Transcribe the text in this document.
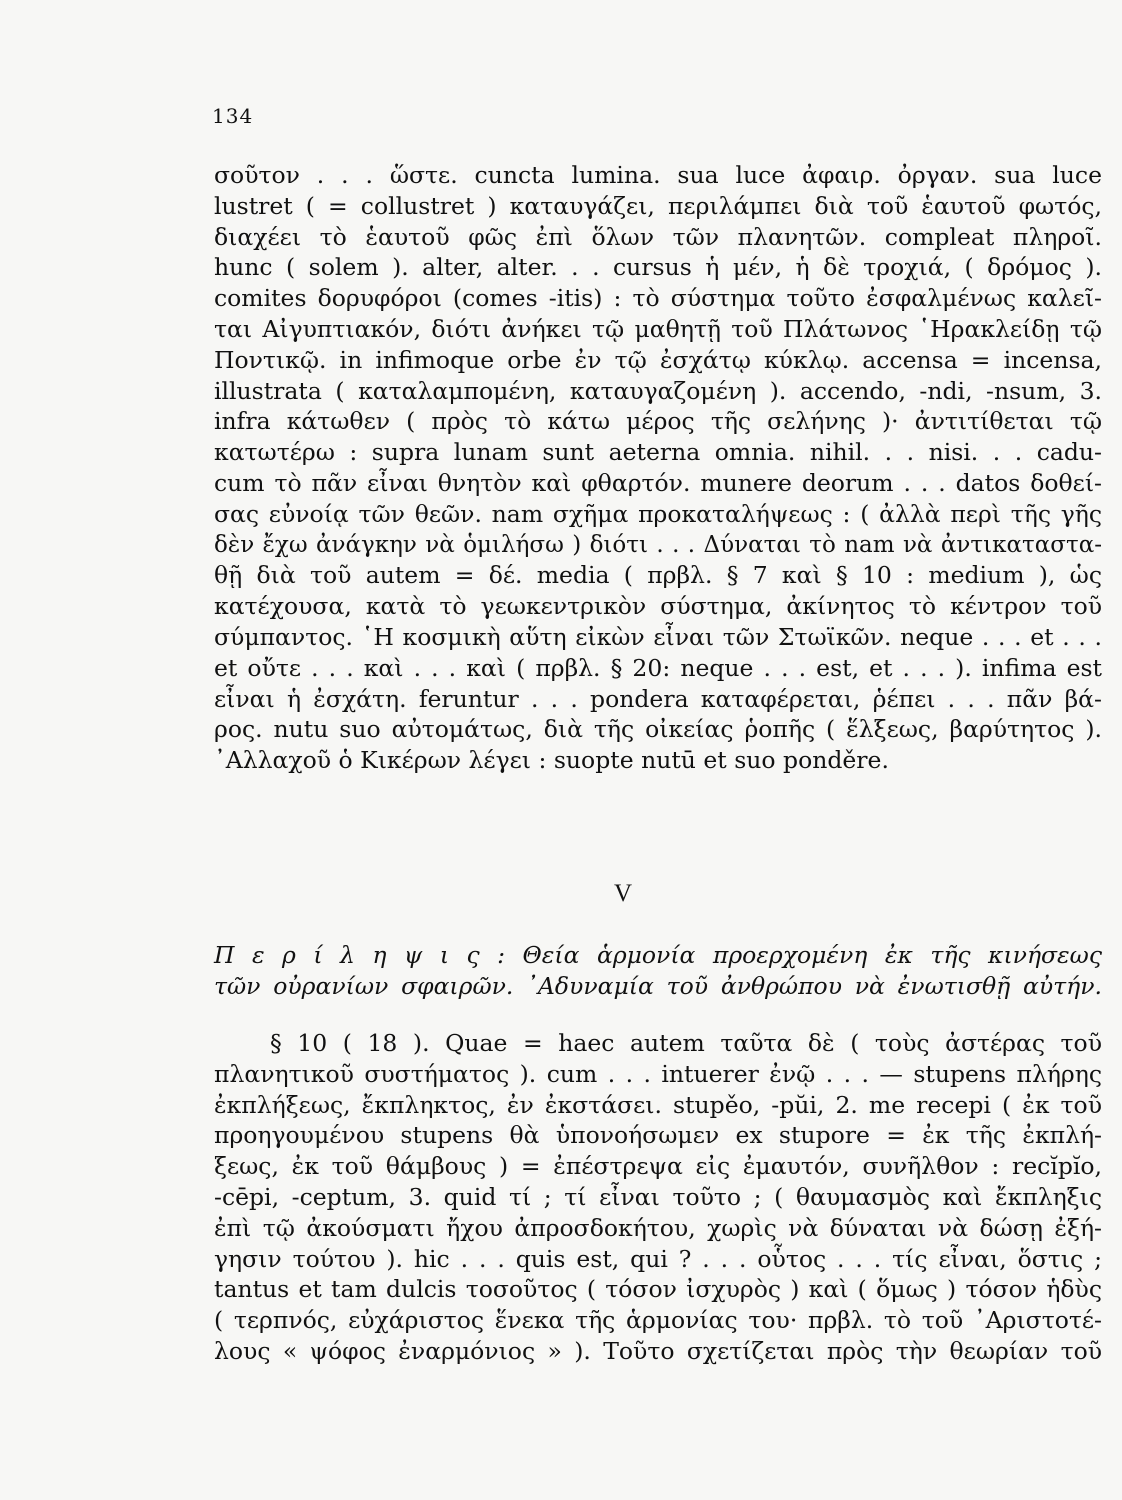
134
σοῦτον . . . ὥστε. cuncta lumina. sua luce ἀφαιρ. ὀργαν. sua luce
lustret ( = collustret ) καταυγάζει, περιλάμπει διὰ τοῦ ἑαυτοῦ φωτός,
διαχέει τὸ ἑαυτοῦ φῶς ἐπὶ ὅλων τῶν πλανητῶν. compleat πληροῖ.
hunc ( solem ). alter, alter. . . cursus ἡ μέν, ἡ δὲ τροχιά, ( δρόμος ).
comites δορυφόροι (comes -itis) : τὸ σύστημα τοῦτο ἐσφαλμένως καλεῖ-
ται Αἰγυπτιακόν, διότι ἀνήκει τῷ μαθητῇ τοῦ Πλάτωνος ῾Ηρακλείδῃ τῷ
Ποντικῷ. in infimoque orbe ἐν τῷ ἐσχάτῳ κύκλῳ. accensa = incensa,
illustrata ( καταλαμπομένη, καταυγαζομένη ). accendo, -ndi, -nsum, 3.
infra κάτωθεν ( πρὸς τὸ κάτω μέρος τῆς σελήνης )· ἀντιτίθεται τῷ
κατωτέρω : supra lunam sunt aeterna omnia. nihil. . . nisi. . . cadu-
cum τὸ πᾶν εἶναι θνητὸν καὶ φθαρτόν. munere deorum . . . datos δοθεί-
σας εὐνοίᾳ τῶν θεῶν. nam σχῆμα προκαταλήψεως : ( ἀλλὰ περὶ τῆς γῆς
δὲν ἔχω ἀνάγκην νὰ ὁμιλήσω ) διότι . . . Δύναται τὸ nam νὰ ἀντικαταστα-
θῇ διὰ τοῦ autem = δέ. media ( πρβλ. § 7 καὶ § 10 : medium ), ὡς
κατέχουσα, κατὰ τὸ γεωκεντρικὸν σύστημα, ἀκίνητος τὸ κέντρον τοῦ
σύμπαντος. ῾Η κοσμικὴ αὕτη εἰκὼν εἶναι τῶν Στωϊκῶν. neque . . . et . . .
et οὔτε . . . καὶ . . . καὶ ( πρβλ. § 20: neque . . . est, et . . . ). infima est
εἶναι ἡ ἐσχάτη. feruntur . . . pondera καταφέρεται, ῥέπει . . . πᾶν βά-
ρος. nutu suo αὐτομάτως, διὰ τῆς οἰκείας ῥοπῆς ( ἕλξεως, βαρύτητος ).
᾿Αλλαχοῦ ὁ Κικέρων λέγει : suopte nutū et suo ponděre.
V
Π ε ρ ί λ η ψ ι ς : Θεία ἁρμονία προερχομένη ἐκ τῆς κινήσεως
τῶν οὐρανίων σφαιρῶν. ᾿Αδυναμία τοῦ ἀνθρώπου νὰ ἐνωτισθῇ αὐτήν.
§ 10 ( 18 ). Quae = haec autem ταῦτα δὲ ( τοὺς ἀστέρας τοῦ
πλανητικοῦ συστήματος ). cum . . . intuerer ἐνῷ . . . — stupens πλήρης
ἐκπλήξεως, ἔκπληκτος, ἐν ἐκστάσει. stupěo, -pŭi, 2. me recepi ( ἐκ τοῦ
προηγουμένου stupens θὰ ὑπονοήσωμεν ex stupore = ἐκ τῆς ἐκπλή-
ξεως, ἐκ τοῦ θάμβους ) = ἐπέστρεψα εἰς ἐμαυτόν, συνῆλθον : recĭpĭo,
-cēpi, -ceptum, 3. quid τί ; τί εἶναι τοῦτο ; ( θαυμασμὸς καὶ ἔκπληξις
ἐπὶ τῷ ἀκούσματι ἤχου ἀπροσδοκήτου, χωρὶς νὰ δύναται νὰ δώσῃ ἐξή-
γησιν τούτου ). hic . . . quis est, qui ? . . . οὗτος . . . τίς εἶναι, ὅστις ;
tantus et tam dulcis τοσοῦτος ( τόσον ἰσχυρὸς ) καὶ ( ὅμως ) τόσον ἡδὺς
( τερπνός, εὐχάριστος ἕνεκα τῆς ἁρμονίας του· πρβλ. τὸ τοῦ ᾿Αριστοτέ-
λους « ψόφος ἐναρμόνιος » ). Τοῦτο σχετίζεται πρὸς τὴν θεωρίαν τοῦ
